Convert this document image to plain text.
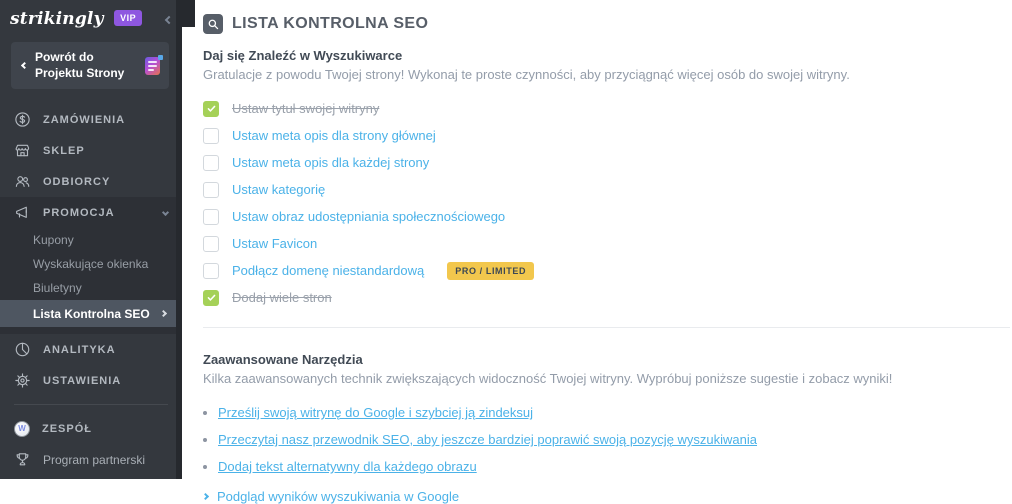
strikingly VIP
Powrót do Projektu Strony
ZAMÓWIENIA
SKLEP
ODBIORCY
PROMOCJA
Kupony
Wyskakujące okienka
Biuletyny
Lista Kontrolna SEO
ANALITYKA
USTAWIENIA
W	ZESPÓŁ
Program partnerski
LISTA KONTROLNA SEO

Daj się Znaleźć w Wyszukiwarce

Gratulacje z powodu Twojej strony! Wykonaj te proste czynności, aby przyciągnąć więcej osób do swojej witryny.

Ustaw tytuł swojej witryny
Ustaw meta opis dla strony głównej
Ustaw meta opis dla każdej strony
Ustaw kategorię
Ustaw obraz udostępniania społecznościowego
Ustaw Favicon
Podłącz domenę niestandardową	PRO / LIMITED
Dodaj wiele stron

Zaawansowane Narzędzia

Kilka zaawansowanych technik zwiększających widoczność Twojej witryny. Wypróbuj poniższe sugestie i zobacz wyniki!

Prześlij swoją witrynę do Google i szybciej ją zindeksuj
Przeczytaj nasz przewodnik SEO, aby jeszcze bardziej poprawić swoją pozycję wyszukiwania
Dodaj tekst alternatywny dla każdego obrazu
Podgląd wyników wyszukiwania w Google
